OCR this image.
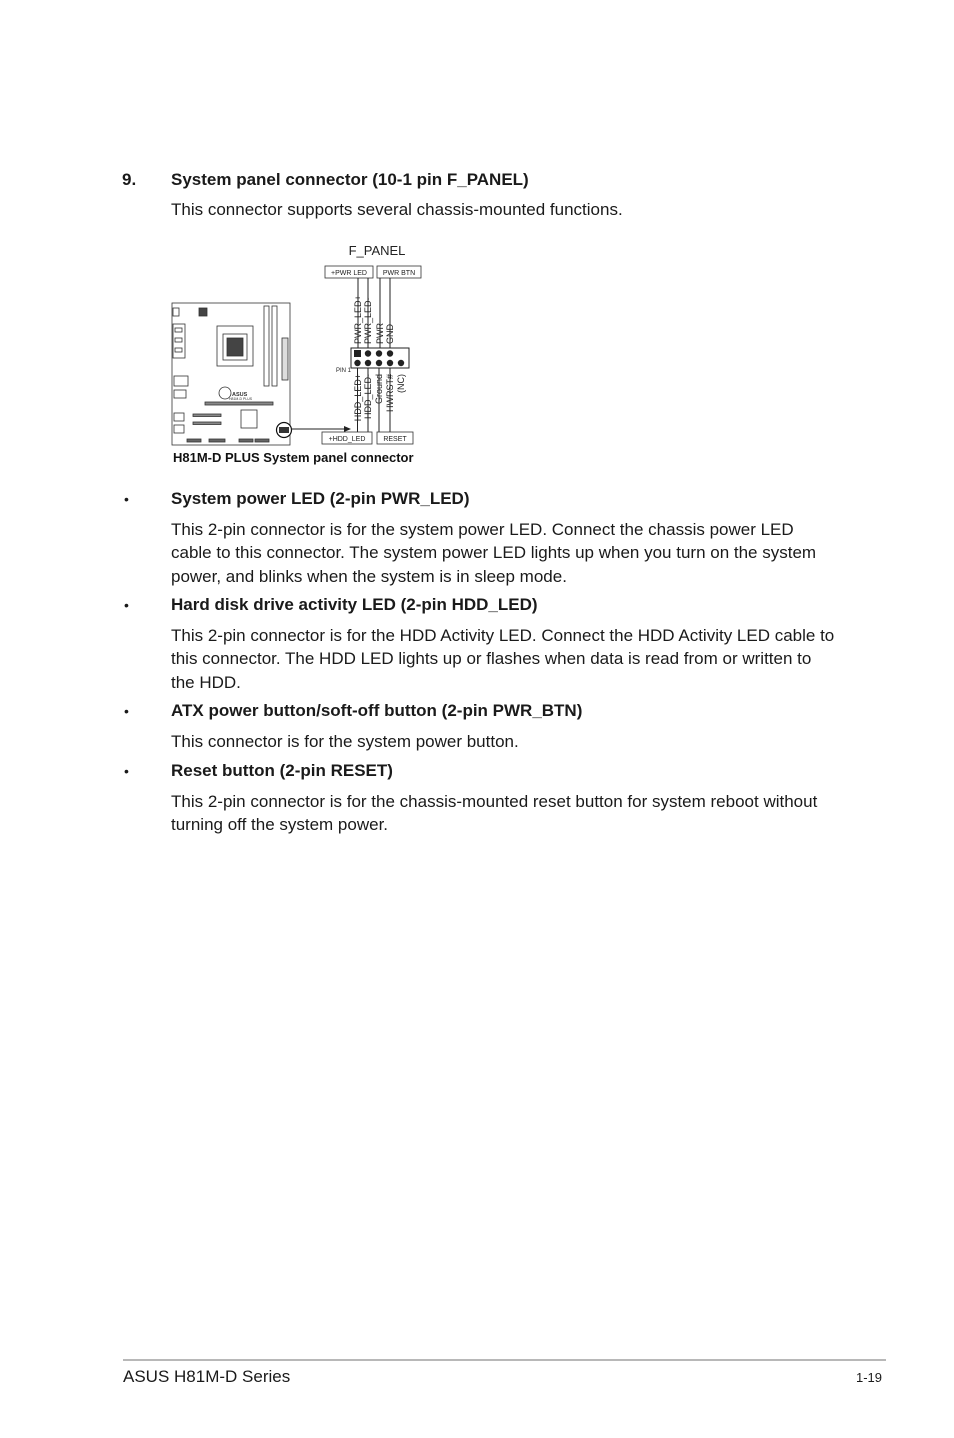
9. System panel connector (10-1 pin F_PANEL)
This connector supports several chassis-mounted functions.
F_PANEL
+PWR LED PWR BTN
PWR_LED+ PWR_LED- PWR GND
PIN 1
HDD_LED+ HDD_LED- Ground HWRST# (NC)
+HDD_LED	RESET
ASUS
H81M-D PLUS
H81M-D PLUS System panel connector
• System power LED (2-pin PWR_LED)
This 2-pin connector is for the system power LED. Connect the chassis power LED cable to this connector. The system power LED lights up when you turn on the system power, and blinks when the system is in sleep mode.
• Hard disk drive activity LED (2-pin HDD_LED)
This 2-pin connector is for the HDD Activity LED. Connect the HDD Activity LED cable to this connector. The HDD LED lights up or flashes when data is read from or written to the HDD.
• ATX power button/soft-off button (2-pin PWR_BTN)
This connector is for the system power button.
• Reset button (2-pin RESET)
This 2-pin connector is for the chassis-mounted reset button for system reboot without turning off the system power.
ASUS H81M-D Series	1-19
